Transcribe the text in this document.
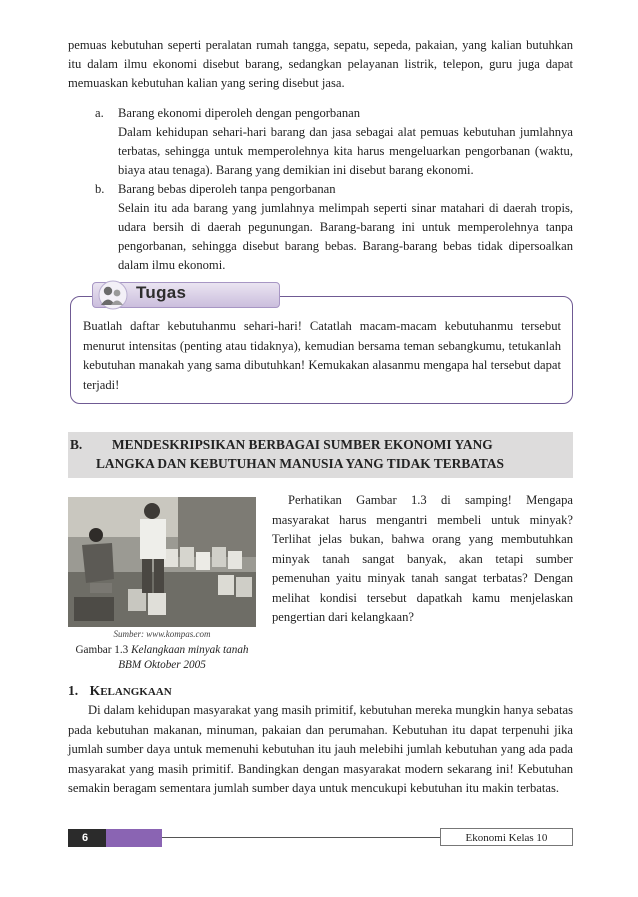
pemuas kebutuhan seperti peralatan rumah tangga, sepatu, sepeda, pakaian, yang kalian butuhkan itu dalam ilmu ekonomi disebut barang, sedangkan pelayanan listrik, telepon, guru juga dapat memuaskan kebutuhan kalian yang sering disebut jasa.

a. Barang ekonomi diperoleh dengan pengorbanan

Dalam kehidupan sehari-hari barang dan jasa sebagai alat pemuas kebutuhan jumlahnya terbatas, sehingga untuk memperolehnya kita harus mengeluarkan pengorbanan (waktu, biaya atau tenaga). Barang yang demikian ini disebut barang ekonomi.

b. Barang bebas diperoleh tanpa pengorbanan

Selain itu ada barang yang jumlahnya melimpah seperti sinar matahari di daerah tropis, udara bersih di daerah pegunungan. Barang-barang ini untuk memperolehnya tanpa pengorbanan, sehingga disebut barang bebas. Barang-barang bebas tidak dipersoalkan dalam ilmu ekonomi.

Tugas

Buatlah daftar kebutuhanmu sehari-hari! Catatlah macam-macam kebutuhanmu tersebut menurut intensitas (penting atau tidaknya), kemudian bersama teman sebangkumu, tetukanlah kebutuhan manakah yang sama dibutuhkan! Kemukakan alasanmu mengapa hal tersebut dapat terjadi!

B. MENDESKRIPSIKAN BERBAGAI SUMBER EKONOMI YANG
LANGKA DAN KEBUTUHAN MANUSIA YANG TIDAK TERBATAS
Sumber: www.kompas.com

Gambar 1.3 Kelangkaan minyak tanah
BBM Oktober 2005

Perhatikan Gambar 1.3 di samping! Mengapa masyarakat harus mengantri membeli untuk minyak? Terlihat jelas bukan, bahwa orang yang membutuhkan minyak tanah sangat banyak, akan tetapi sumber pemenuhan yaitu minyak tanah sangat terbatas? Dengan melihat kondisi tersebut dapatkah kamu menjelaskan pengertian dari kelangkaan?

1. KELANGKAAN

Di dalam kehidupan masyarakat yang masih primitif, kebutuhan mereka mungkin hanya sebatas pada kebutuhan makanan, minuman, pakaian dan perumahan. Kebutuhan itu dapat terpenuhi jika jumlah sumber daya untuk memenuhi kebutuhan itu jauh melebihi jumlah kebutuhan yang ada pada masyarakat yang masih primitif. Bandingkan dengan masyarakat modern sekarang ini! Kebutuhan semakin beragam sementara jumlah sumber daya untuk mencukupi kebutuhan itu makin terbatas.

6	Ekonomi Kelas 10
